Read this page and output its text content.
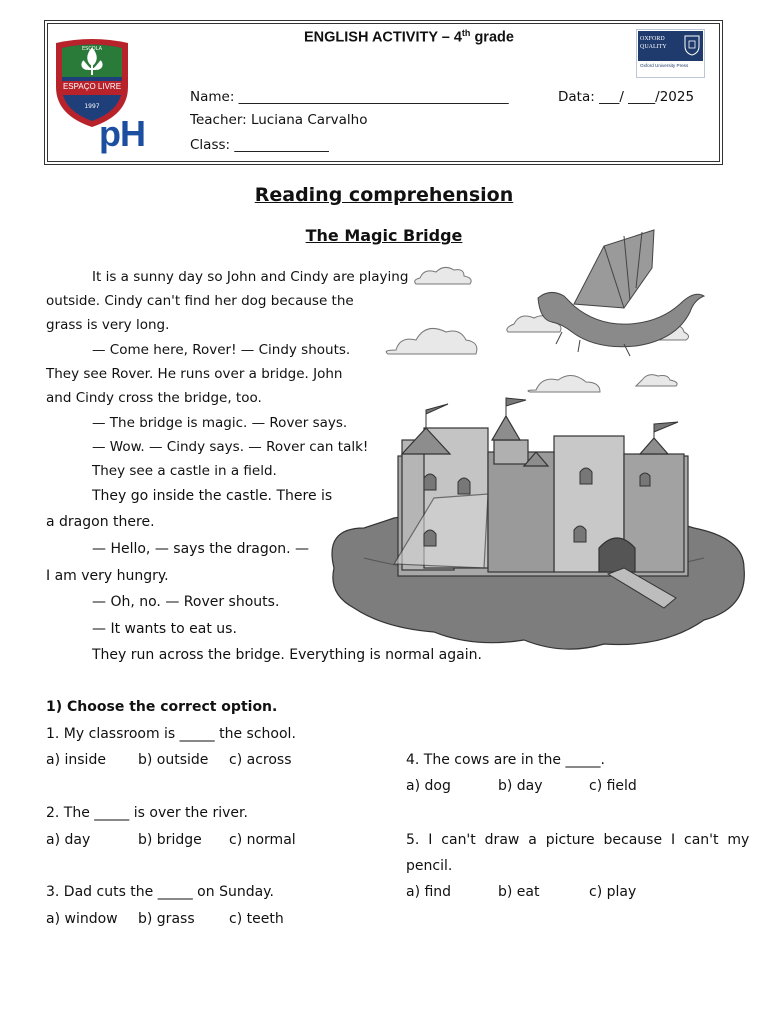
ESCOLA
ESPAÇO LIVRE
1997
pH
OXFORD QUALITY
Oxford University Press
ENGLISH ACTIVITY – 4th grade
Name: ________________________________________	Data: ___/ ____/2025
Teacher: Luciana Carvalho
Class: ______________
Reading comprehension
The Magic Bridge
It is a sunny day so John and Cindy are playing
outside. Cindy can't find her dog because the
grass is very long.
— Come here, Rover! — Cindy shouts.
They see Rover. He runs over a bridge. John
and Cindy cross the bridge, too.
— The bridge is magic. — Rover says.
— Wow. — Cindy says. — Rover can talk!
They see a castle in a field.
They go inside the castle. There is
a dragon there.
— Hello, — says the dragon. —
I am very hungry.
— Oh, no. — Rover shouts.
— It wants to eat us.
They run across the bridge. Everything is normal again.
1) Choose the correct option.
1. My classroom is _____ the school.
a) inside b) outside c) across
2. The _____ is over the river.
a) day	b) bridge c) normal
3. Dad cuts the _____ on Sunday.
a) window b) grass c) teeth
4. The cows are in the _____.
a) dog	b) day	c) field
5.  I  can't  draw  a  picture  because  I  can't  my
pencil.
a) find	b) eat	c) play
